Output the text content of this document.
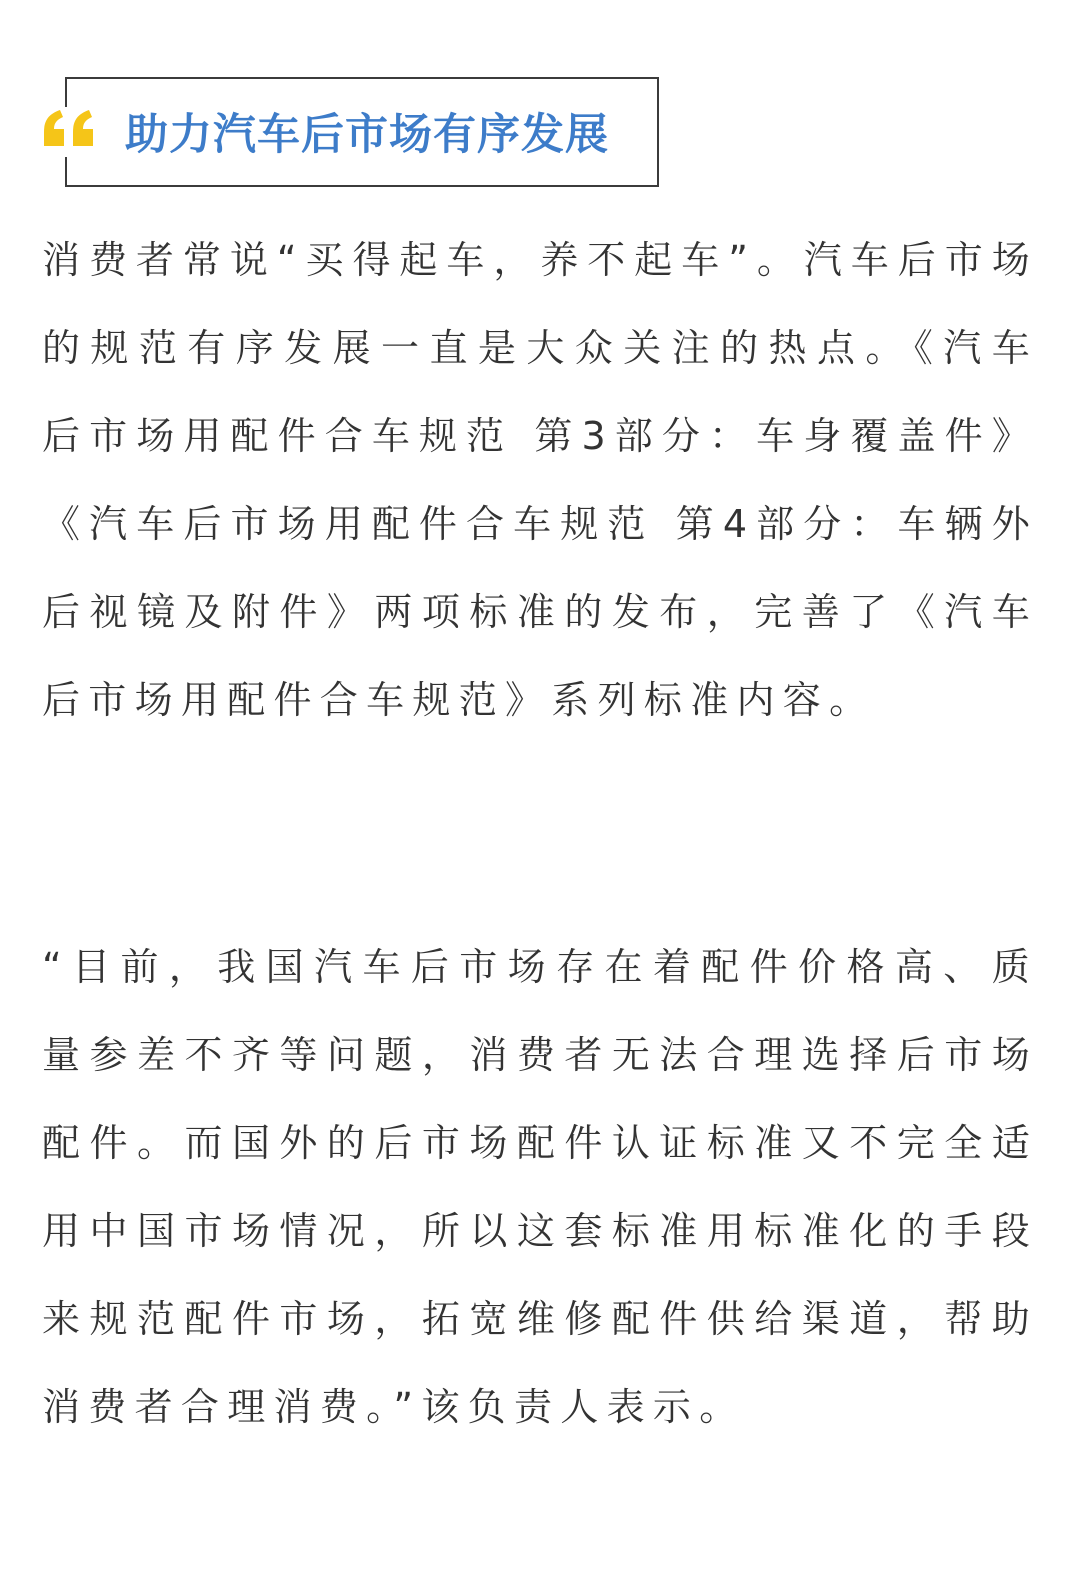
助力汽车后市场有序发展

消费者常说“买得起车，养不起车”。汽车后市场的规范有序发展一直是大众关注的热点。《汽车后市场用配件合车规范 第3部分：车身覆盖件》《汽车后市场用配件合车规范 第4部分：车辆外后视镜及附件》两项标准的发布，完善了《汽车后市场用配件合车规范》系列标准内容。

“目前，我国汽车后市场存在着配件价格高、质量参差不齐等问题，消费者无法合理选择后市场配件。而国外的后市场配件认证标准又不完全适用中国市场情况，所以这套标准用标准化的手段来规范配件市场，拓宽维修配件供给渠道，帮助消费者合理消费。”该负责人表示。
